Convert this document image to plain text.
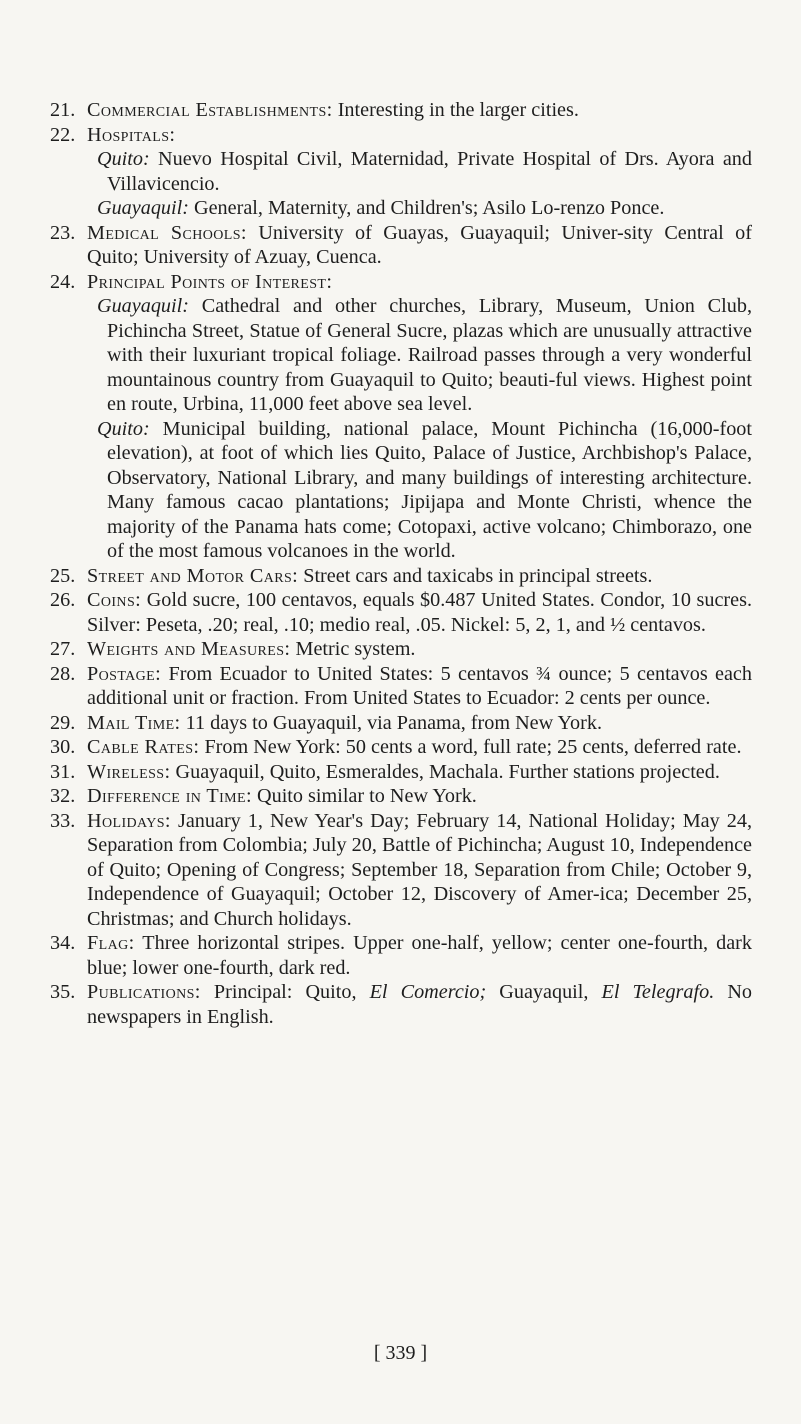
21. Commercial Establishments: Interesting in the larger cities.
22. Hospitals:
Quito: Nuevo Hospital Civil, Maternidad, Private Hospital of Drs. Ayora and Villavicencio.
Guayaquil: General, Maternity, and Children's; Asilo Lo-renzo Ponce.
23. Medical Schools: University of Guayas, Guayaquil; Univer-sity Central of Quito; University of Azuay, Cuenca.
24. Principal Points of Interest:
Guayaquil: Cathedral and other churches, Library, Museum, Union Club, Pichincha Street, Statue of General Sucre, plazas which are unusually attractive with their luxuriant tropical foliage. Railroad passes through a very wonderful mountainous country from Guayaquil to Quito; beauti-ful views. Highest point en route, Urbina, 11,000 feet above sea level.
Quito: Municipal building, national palace, Mount Pichincha (16,000-foot elevation), at foot of which lies Quito, Palace of Justice, Archbishop's Palace, Observatory, National Library, and many buildings of interesting architecture. Many famous cacao plantations; Jipijapa and Monte Christi, whence the majority of the Panama hats come; Cotopaxi, active volcano; Chimborazo, one of the most famous volcanoes in the world.
25. Street and Motor Cars: Street cars and taxicabs in principal streets.
26. Coins: Gold sucre, 100 centavos, equals $0.487 United States. Condor, 10 sucres. Silver: Peseta, .20; real, .10; medio real, .05. Nickel: 5, 2, 1, and ½ centavos.
27. Weights and Measures: Metric system.
28. Postage: From Ecuador to United States: 5 centavos ¾ ounce; 5 centavos each additional unit or fraction. From United States to Ecuador: 2 cents per ounce.
29. Mail Time: 11 days to Guayaquil, via Panama, from New York.
30. Cable Rates: From New York: 50 cents a word, full rate; 25 cents, deferred rate.
31. Wireless: Guayaquil, Quito, Esmeraldes, Machala. Further stations projected.
32. Difference in Time: Quito similar to New York.
33. Holidays: January 1, New Year's Day; February 14, National Holiday; May 24, Separation from Colombia; July 20, Battle of Pichincha; August 10, Independence of Quito; Opening of Congress; September 18, Separation from Chile; October 9, Independence of Guayaquil; October 12, Discovery of Amer-ica; December 25, Christmas; and Church holidays.
34. Flag: Three horizontal stripes. Upper one-half, yellow; center one-fourth, dark blue; lower one-fourth, dark red.
35. Publications: Principal: Quito, El Comercio; Guayaquil, El Telegrafo. No newspapers in English.
[ 339 ]
